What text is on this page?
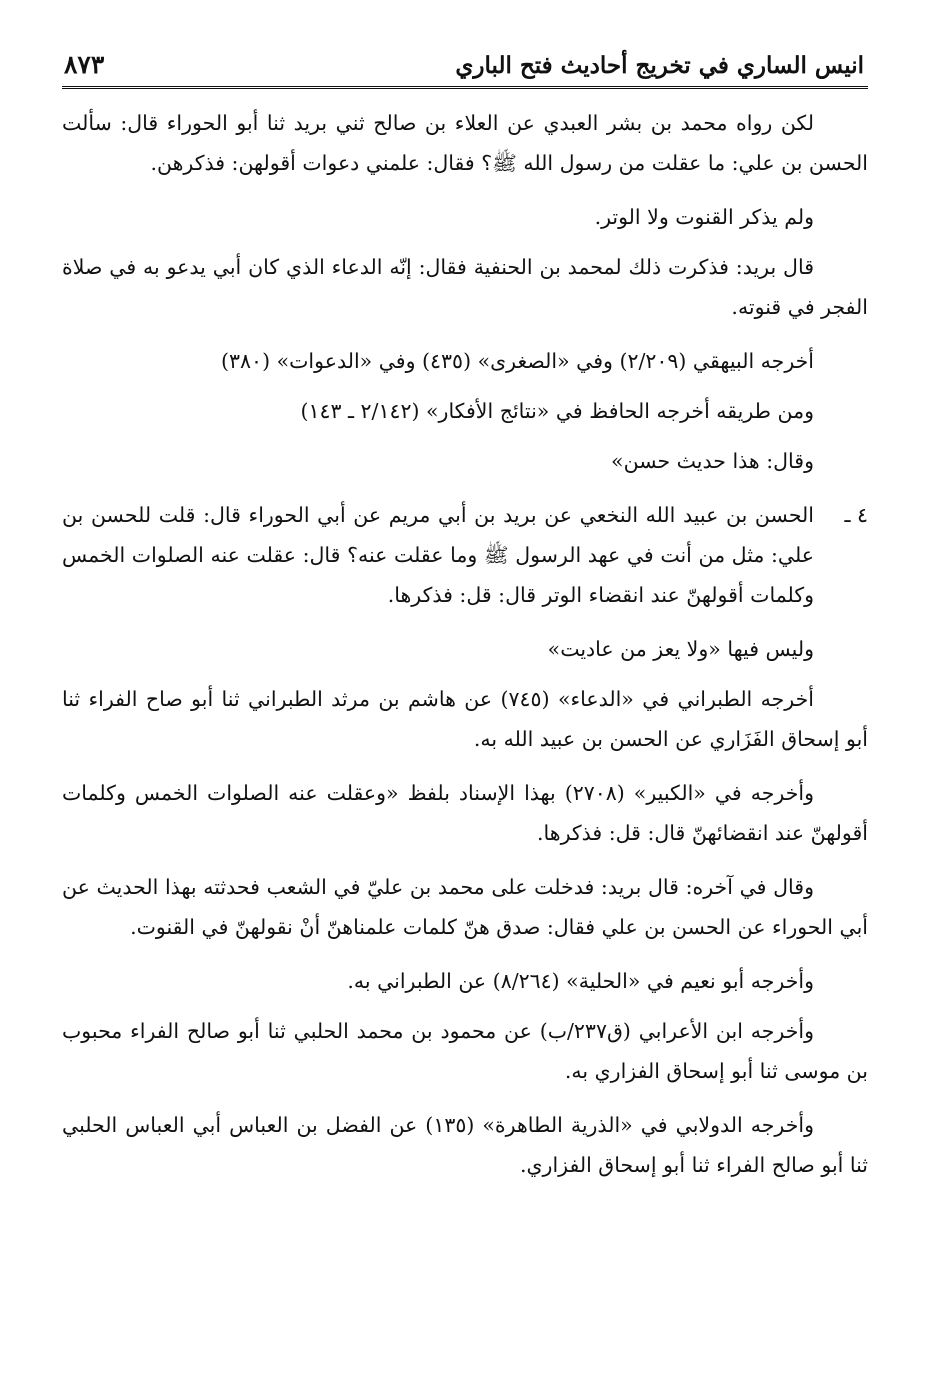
انيس الساري في تخريج أحاديث فتح الباري
٨٧٣

لكن رواه محمد بن بشر العبدي عن العلاء بن صالح ثني بريد ثنا أبو الحوراء قال: سألت الحسن بن علي: ما عقلت من رسول الله ﷺ؟ فقال: علمني دعوات أقولهن: فذكرهن.

ولم يذكر القنوت ولا الوتر.

قال بريد: فذكرت ذلك لمحمد بن الحنفية فقال: إنّه الدعاء الذي كان أبي يدعو به في صلاة الفجر في قنوته.

أخرجه البيهقي (٢/٢٠٩) وفي «الصغرى» (٤٣٥) وفي «الدعوات» (٣٨٠)

ومن طريقه أخرجه الحافظ في «نتائج الأفكار» (٢/١٤٢ ـ ١٤٣)

وقال: هذا حديث حسن»

٤ ـ
الحسن بن عبيد الله النخعي عن بريد بن أبي مريم عن أبي الحوراء قال: قلت للحسن بن علي: مثل من أنت في عهد الرسول ﷺ وما عقلت عنه؟ قال: عقلت عنه الصلوات الخمس وكلمات أقولهنّ عند انقضاء الوتر قال: قل: فذكرها.

وليس فيها «ولا يعز من عاديت»

أخرجه الطبراني في «الدعاء» (٧٤٥) عن هاشم بن مرثد الطبراني ثنا أبو صاح الفراء ثنا أبو إسحاق الفَزَاري عن الحسن بن عبيد الله به.

وأخرجه في «الكبير» (٢٧٠٨) بهذا الإسناد بلفظ «وعقلت عنه الصلوات الخمس وكلمات أقولهنّ عند انقضائهنّ قال: قل: فذكرها.

وقال في آخره: قال بريد: فدخلت على محمد بن عليّ في الشعب فحدثته بهذا الحديث عن أبي الحوراء عن الحسن بن علي فقال: صدق هنّ كلمات علمناهنّ أنْ نقولهنّ في القنوت.

وأخرجه أبو نعيم في «الحلية» (٨/٢٦٤) عن الطبراني به.

وأخرجه ابن الأعرابي (ق٢٣٧/ب) عن محمود بن محمد الحلبي ثنا أبو صالح الفراء محبوب بن موسى ثنا أبو إسحاق الفزاري به.

وأخرجه الدولابي في «الذرية الطاهرة» (١٣٥) عن الفضل بن العباس أبي العباس الحلبي ثنا أبو صالح الفراء ثنا أبو إسحاق الفزاري.
